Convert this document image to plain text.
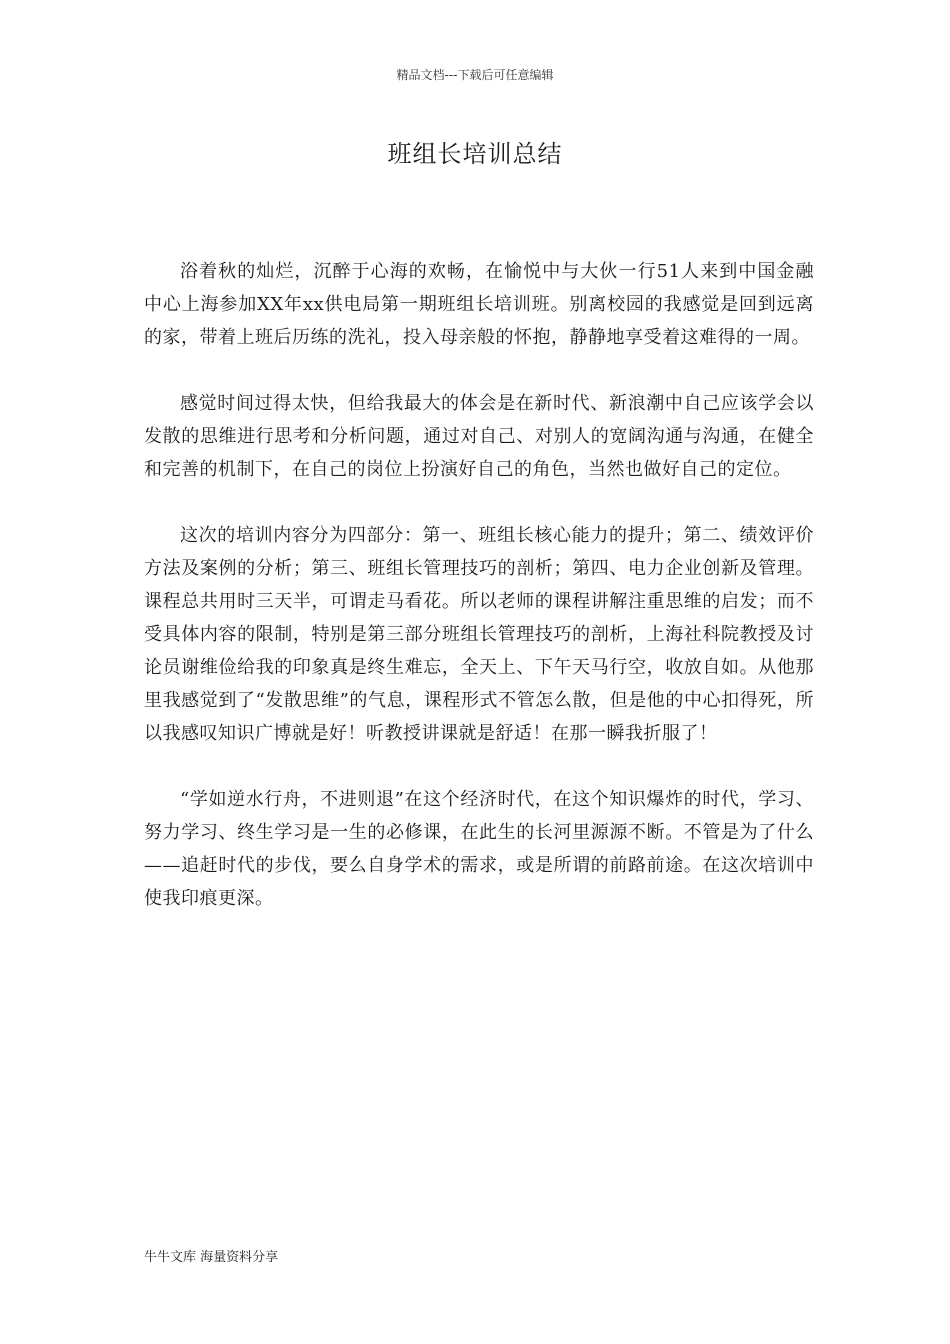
精品文档---下载后可任意编辑
班组长培训总结

浴着秋的灿烂，沉醉于心海的欢畅，在愉悦中与大伙一行51人来到中国金融中心上海参加XX年xx供电局第一期班组长培训班。别离校园的我感觉是回到远离的家，带着上班后历练的洗礼，投入母亲般的怀抱，静静地享受着这难得的一周。

感觉时间过得太快，但给我最大的体会是在新时代、新浪潮中自己应该学会以发散的思维进行思考和分析问题，通过对自己、对别人的宽阔沟通与沟通，在健全和完善的机制下，在自己的岗位上扮演好自己的角色，当然也做好自己的定位。

这次的培训内容分为四部分：第一、班组长核心能力的提升；第二、绩效评价方法及案例的分析；第三、班组长管理技巧的剖析；第四、电力企业创新及管理。课程总共用时三天半，可谓走马看花。所以老师的课程讲解注重思维的启发；而不受具体内容的限制，特别是第三部分班组长管理技巧的剖析，上海社科院教授及讨论员谢维俭给我的印象真是终生难忘，全天上、下午天马行空，收放自如。从他那里我感觉到了“发散思维”的气息，课程形式不管怎么散，但是他的中心扣得死，所以我感叹知识广博就是好！听教授讲课就是舒适！在那一瞬我折服了！

“学如逆水行舟，不进则退”在这个经济时代，在这个知识爆炸的时代，学习、努力学习、终生学习是一生的必修课，在此生的长河里源源不断。不管是为了什么——追赶时代的步伐，要么自身学术的需求，或是所谓的前路前途。在这次培训中使我印痕更深。

牛牛文库 海量资料分享
